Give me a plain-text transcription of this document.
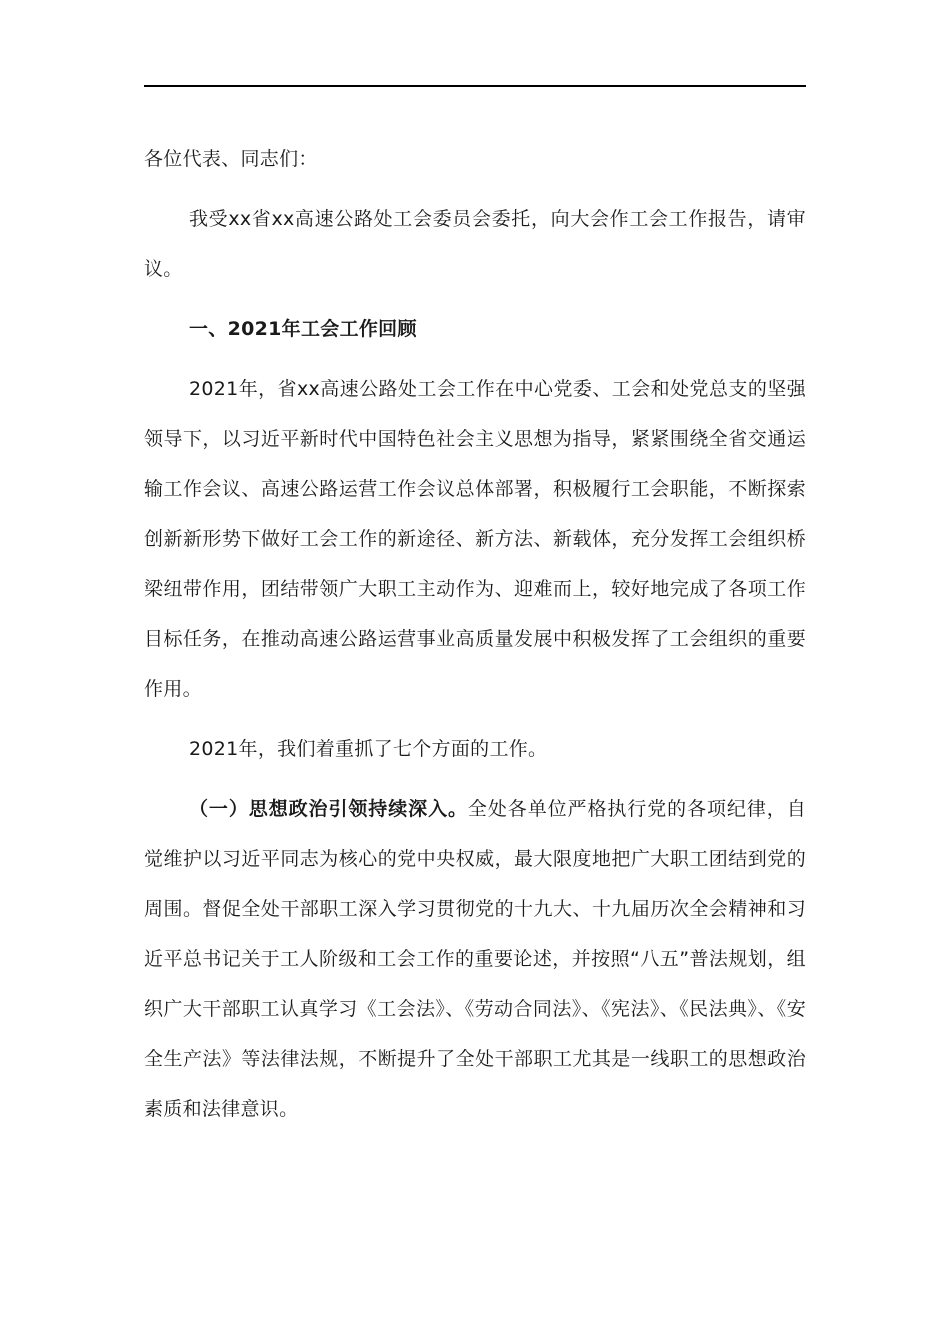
各位代表、同志们：

我受xx省xx高速公路处工会委员会委托，向大会作工会工作报告，请审议。

一、2021年工会工作回顾

2021年，省xx高速公路处工会工作在中心党委、工会和处党总支的坚强领导下，以习近平新时代中国特色社会主义思想为指导，紧紧围绕全省交通运输工作会议、高速公路运营工作会议总体部署，积极履行工会职能，不断探索创新新形势下做好工会工作的新途径、新方法、新载体，充分发挥工会组织桥梁纽带作用，团结带领广大职工主动作为、迎难而上，较好地完成了各项工作目标任务，在推动高速公路运营事业高质量发展中积极发挥了工会组织的重要作用。

2021年，我们着重抓了七个方面的工作。

（一）思想政治引领持续深入。全处各单位严格执行党的各项纪律，自觉维护以习近平同志为核心的党中央权威，最大限度地把广大职工团结到党的周围。督促全处干部职工深入学习贯彻党的十九大、十九届历次全会精神和习近平总书记关于工人阶级和工会工作的重要论述，并按照“八五”普法规划，组织广大干部职工认真学习《工会法》、《劳动合同法》、《宪法》、《民法典》、《安全生产法》等法律法规，不断提升了全处干部职工尤其是一线职工的思想政治素质和法律意识。
